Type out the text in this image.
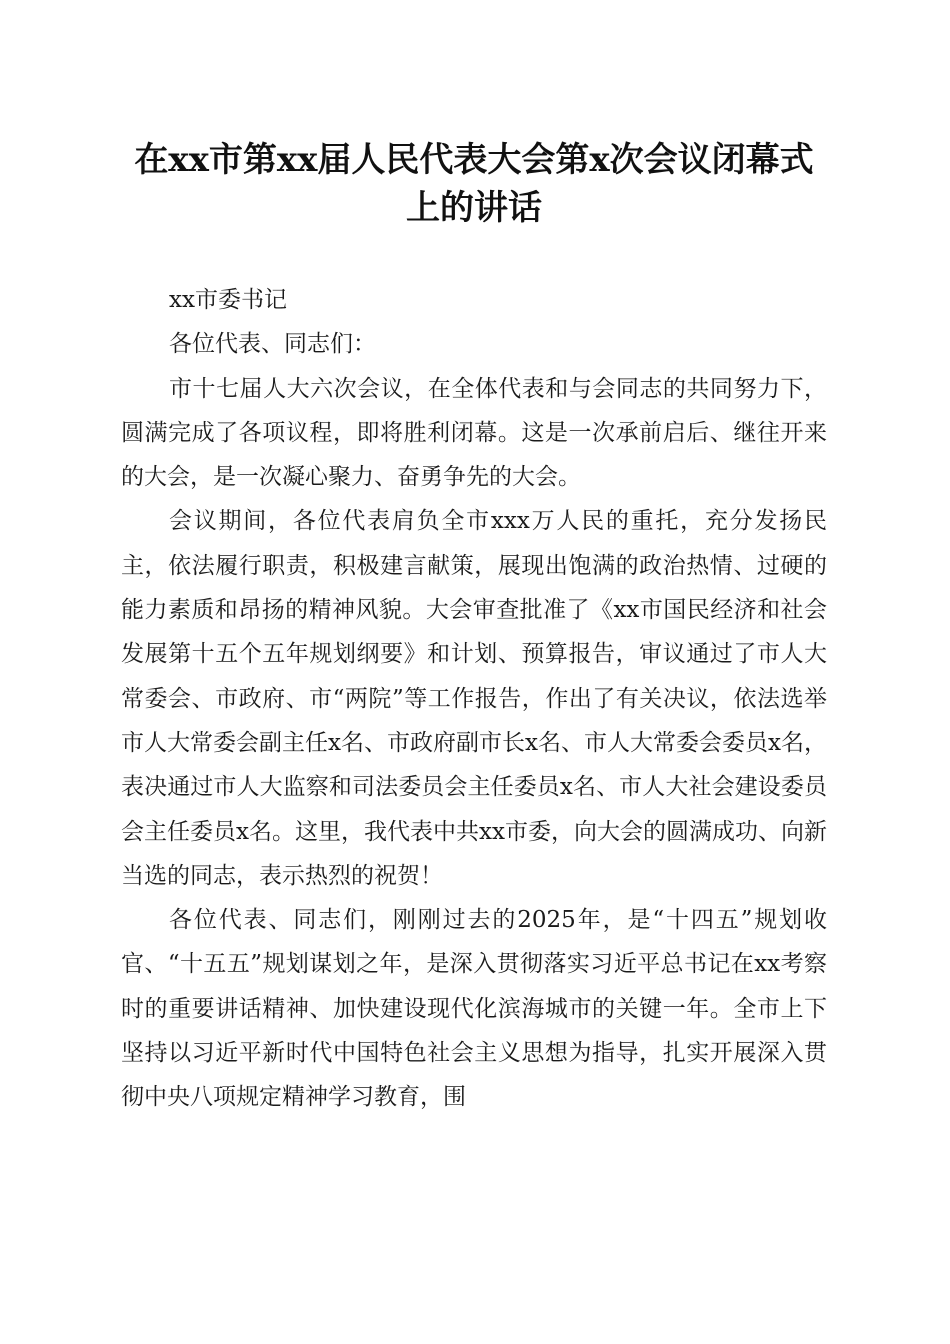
在xx市第xx届人民代表大会第x次会议闭幕式上的讲话

xx市委书记

各位代表、同志们：

市十七届人大六次会议，在全体代表和与会同志的共同努力下，圆满完成了各项议程，即将胜利闭幕。这是一次承前启后、继往开来的大会，是一次凝心聚力、奋勇争先的大会。

会议期间，各位代表肩负全市xxx万人民的重托，充分发扬民主，依法履行职责，积极建言献策，展现出饱满的政治热情、过硬的能力素质和昂扬的精神风貌。大会审查批准了《xx市国民经济和社会发展第十五个五年规划纲要》和计划、预算报告，审议通过了市人大常委会、市政府、市“两院”等工作报告，作出了有关决议，依法选举市人大常委会副主任x名、市政府副市长x名、市人大常委会委员x名，表决通过市人大监察和司法委员会主任委员x名、市人大社会建设委员会主任委员x名。这里，我代表中共xx市委，向大会的圆满成功、向新当选的同志，表示热烈的祝贺！

各位代表、同志们，刚刚过去的2025年，是“十四五”规划收官、“十五五”规划谋划之年，是深入贯彻落实习近平总书记在xx考察时的重要讲话精神、加快建设现代化滨海城市的关键一年。全市上下坚持以习近平新时代中国特色社会主义思想为指导，扎实开展深入贯彻中央八项规定精神学习教育，围
